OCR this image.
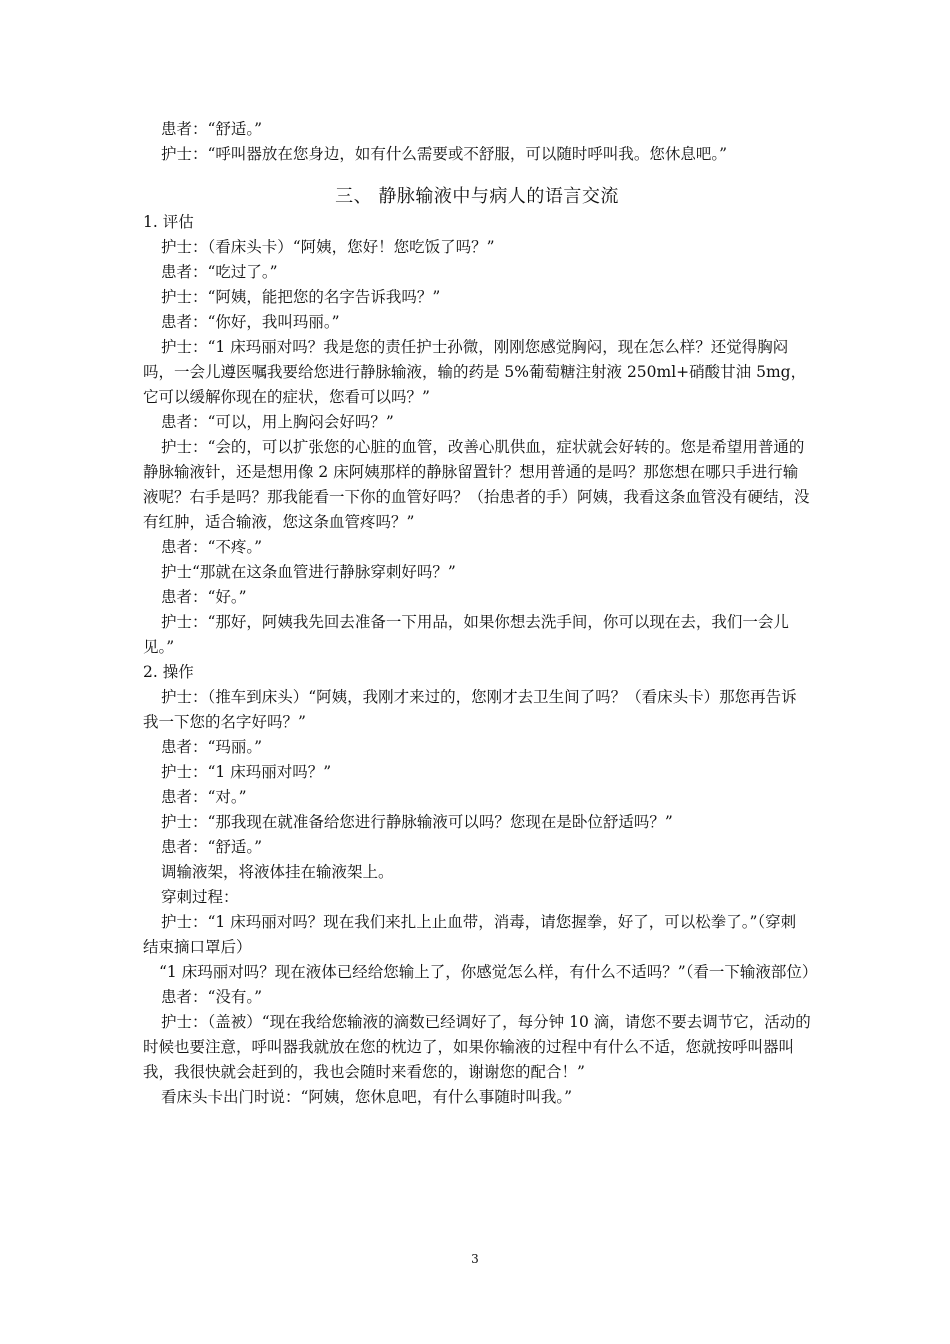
患者：“舒适。”

护士：“呼叫器放在您身边，如有什么需要或不舒服，可以随时呼叫我。您休息吧。”

三、 静脉输液中与病人的语言交流

1. 评估

护士：（看床头卡）“阿姨，您好！您吃饭了吗？”

患者：“吃过了。”

护士：“阿姨，能把您的名字告诉我吗？”

患者：“你好，我叫玛丽。”

护士：“1 床玛丽对吗？我是您的责任护士孙微，刚刚您感觉胸闷，现在怎么样？还觉得胸闷吗，一会儿遵医嘱我要给您进行静脉输液，输的药是 5%葡萄糖注射液 250ml+硝酸甘油 5mg，它可以缓解你现在的症状，您看可以吗？”

患者：“可以，用上胸闷会好吗？”

护士：“会的，可以扩张您的心脏的血管，改善心肌供血，症状就会好转的。您是希望用普通的静脉输液针，还是想用像 2 床阿姨那样的静脉留置针？想用普通的是吗？那您想在哪只手进行输液呢？右手是吗？那我能看一下你的血管好吗？（抬患者的手）阿姨，我看这条血管没有硬结，没有红肿，适合输液，您这条血管疼吗？”

患者：“不疼。”

护士“那就在这条血管进行静脉穿刺好吗？”

患者：“好。”

护士：“那好，阿姨我先回去准备一下用品，如果你想去洗手间，你可以现在去，我们一会儿见。”

2. 操作

护士：（推车到床头）“阿姨，我刚才来过的，您刚才去卫生间了吗？（看床头卡）那您再告诉我一下您的名字好吗？”

患者：“玛丽。”

护士：“1 床玛丽对吗？”

患者：“对。”

护士：“那我现在就准备给您进行静脉输液可以吗？您现在是卧位舒适吗？”

患者：“舒适。”

调输液架，将液体挂在输液架上。

穿刺过程：

护士：“1 床玛丽对吗？现在我们来扎上止血带，消毒，请您握拳，好了，可以松拳了。”（穿刺结束摘口罩后）

“1 床玛丽对吗？现在液体已经给您输上了，你感觉怎么样，有什么不适吗？”（看一下输液部位）

患者：“没有。”

护士：（盖被）“现在我给您输液的滴数已经调好了，每分钟 10 滴，请您不要去调节它，活动的时候也要注意，呼叫器我就放在您的枕边了，如果你输液的过程中有什么不适，您就按呼叫器叫我，我很快就会赶到的，我也会随时来看您的，谢谢您的配合！”

看床头卡出门时说：“阿姨，您休息吧，有什么事随时叫我。”

3
